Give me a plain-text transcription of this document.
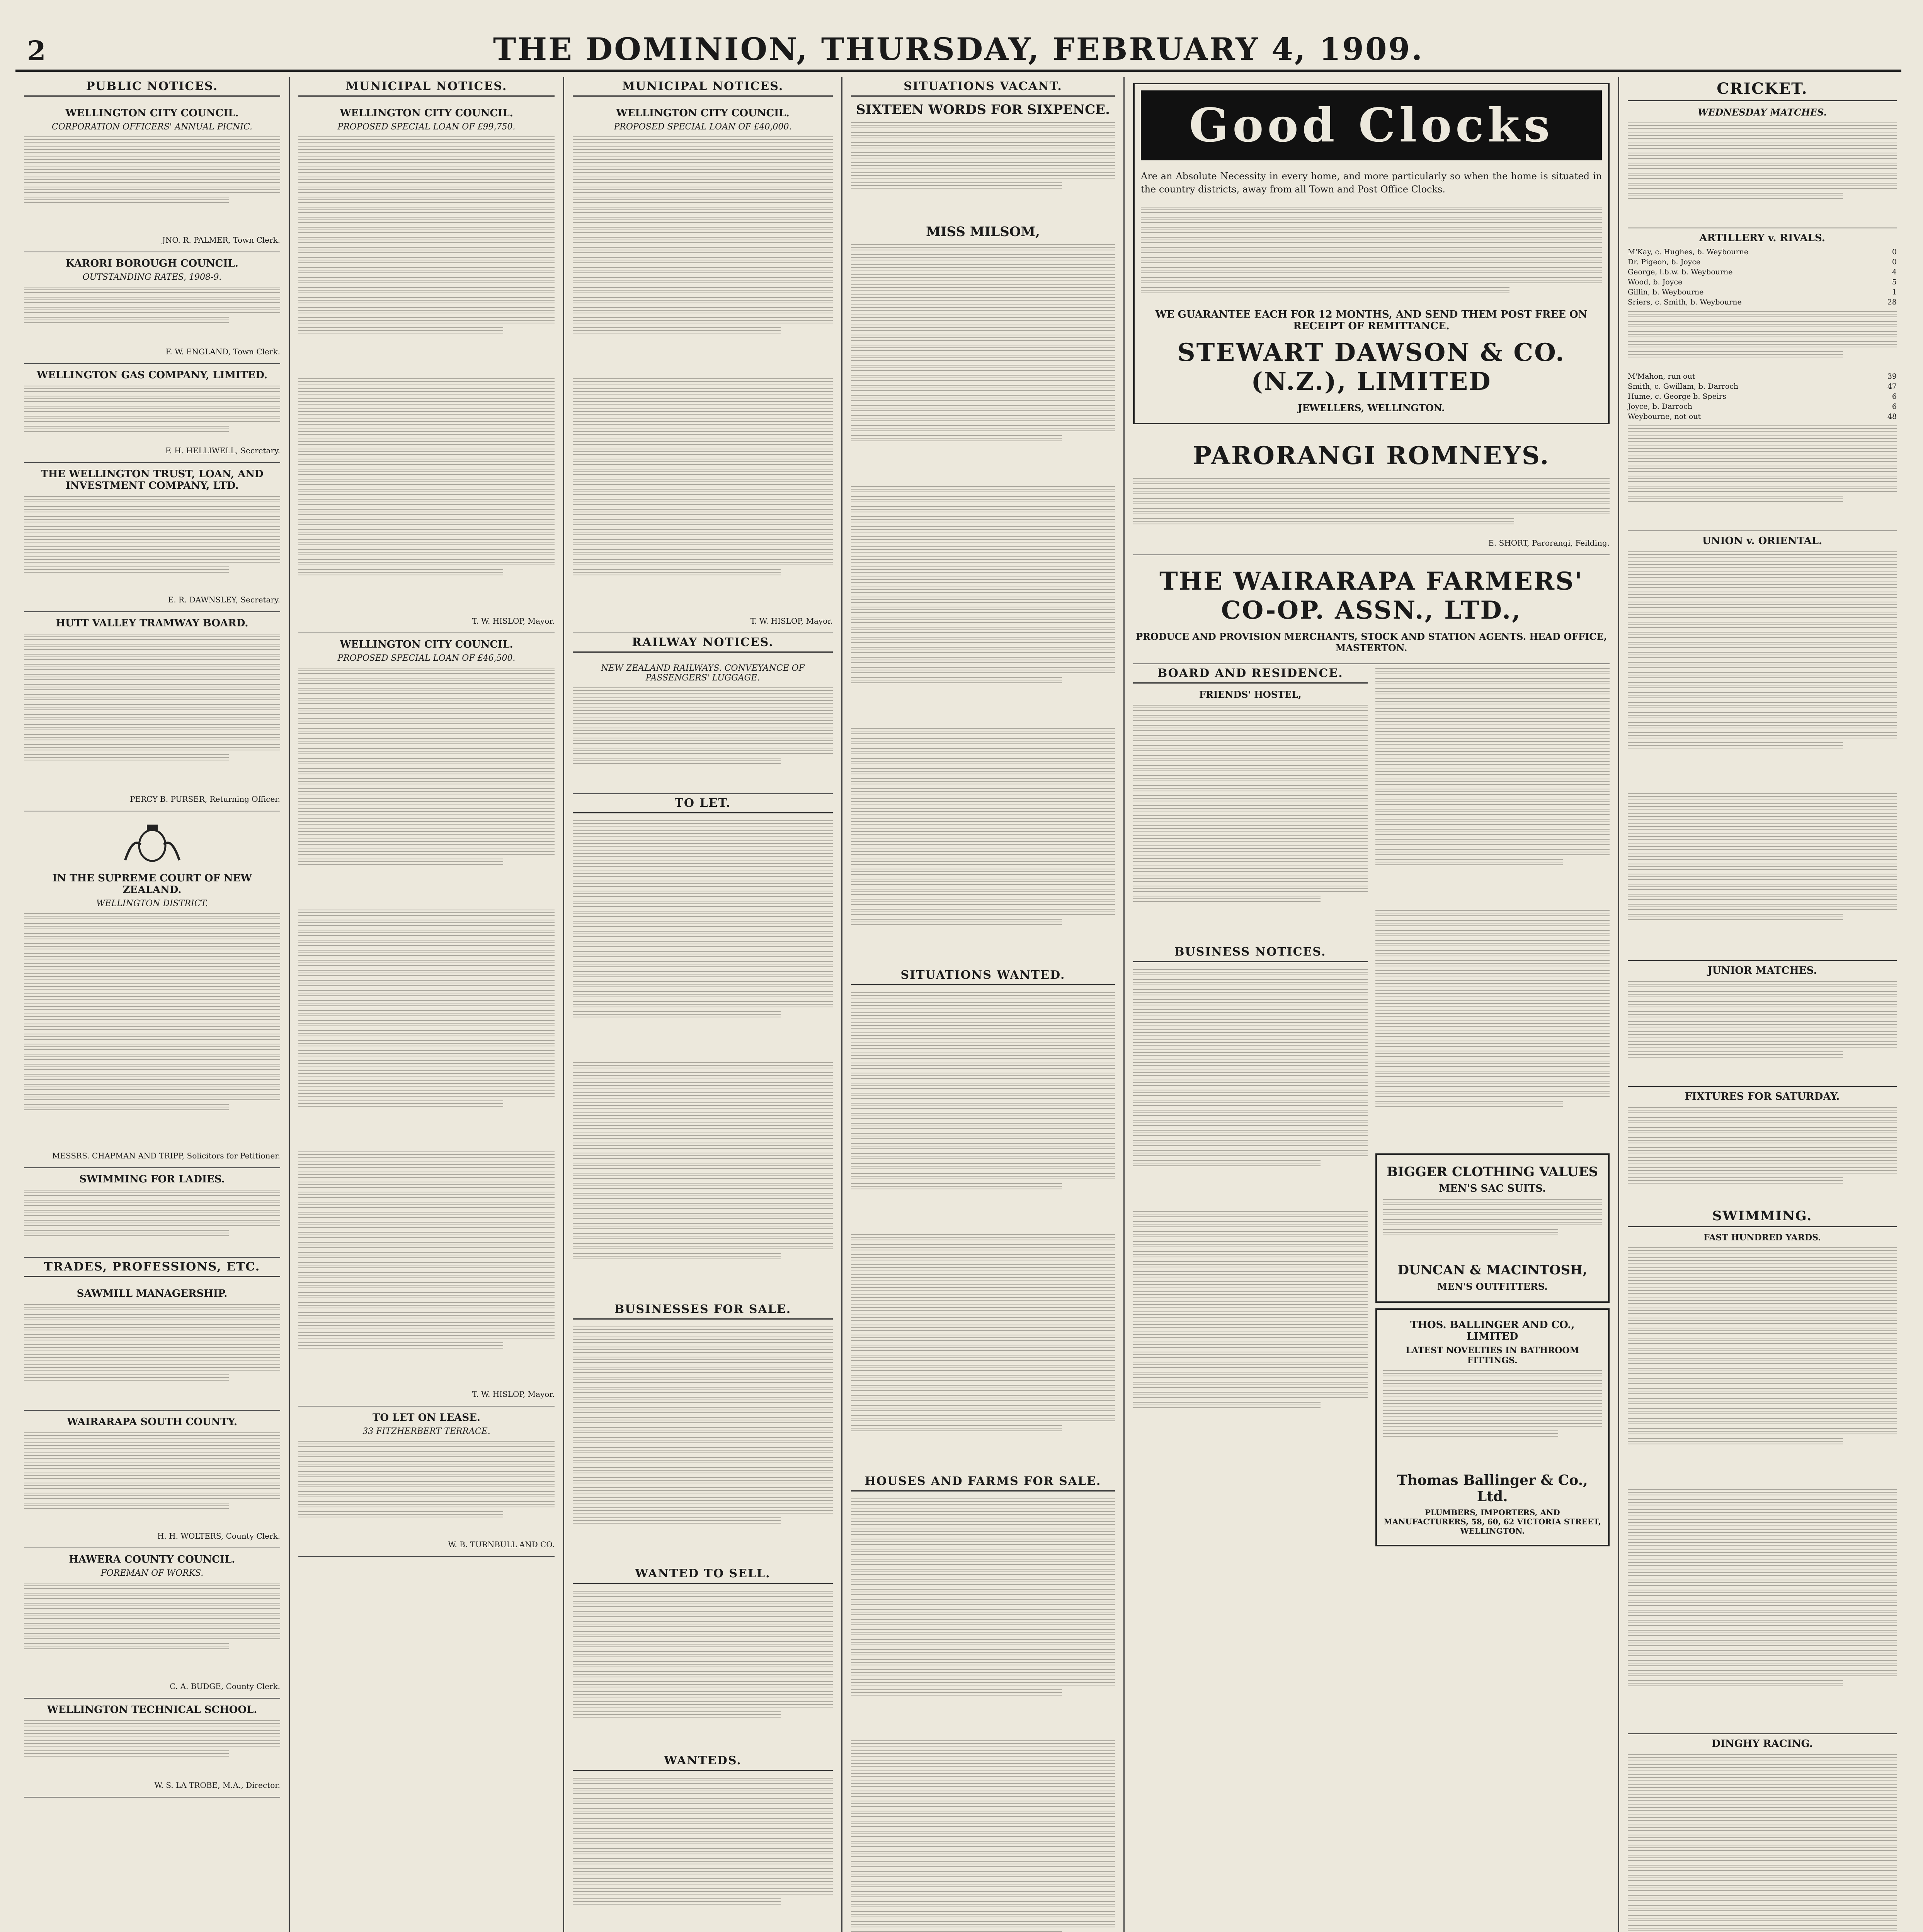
2	THE DOMINION, THURSDAY, FEBRUARY 4, 1909.
PUBLIC NOTICES.
WELLINGTON CITY COUNCIL.
CORPORATION OFFICERS' ANNUAL PICNIC.
JNO. R. PALMER, Town Clerk.
KARORI BOROUGH COUNCIL.
OUTSTANDING RATES, 1908-9.
F. W. ENGLAND, Town Clerk.
WELLINGTON GAS COMPANY, LIMITED.
F. H. HELLIWELL, Secretary.
THE WELLINGTON TRUST, LOAN, AND INVESTMENT COMPANY, LTD.
E. R. DAWNSLEY, Secretary.
HUTT VALLEY TRAMWAY BOARD.
PERCY B. PURSER, Returning Officer.
IN THE SUPREME COURT OF NEW ZEALAND.
WELLINGTON DISTRICT.
MESSRS. CHAPMAN AND TRIPP, Solicitors for Petitioner.
SWIMMING FOR LADIES.
TRADES, PROFESSIONS, ETC.
SAWMILL MANAGERSHIP.
WAIRARAPA SOUTH COUNTY.
H. H. WOLTERS, County Clerk.
HAWERA COUNTY COUNCIL.
FOREMAN OF WORKS.
C. A. BUDGE, County Clerk.
WELLINGTON TECHNICAL SCHOOL.
W. S. LA TROBE, M.A., Director.
MUNICIPAL NOTICES.
WELLINGTON CITY COUNCIL.
PROPOSED SPECIAL LOAN OF £99,750.
T. W. HISLOP, Mayor.
WELLINGTON CITY COUNCIL.
PROPOSED SPECIAL LOAN OF £46,500.
T. W. HISLOP, Mayor.
TO LET ON LEASE.
33 FITZHERBERT TERRACE.
W. B. TURNBULL AND CO.
MUNICIPAL NOTICES.
WELLINGTON CITY COUNCIL.
PROPOSED SPECIAL LOAN OF £40,000.
T. W. HISLOP, Mayor.
RAILWAY NOTICES.
NEW ZEALAND RAILWAYS. CONVEYANCE OF PASSENGERS' LUGGAGE.
TO LET.
BUSINESSES FOR SALE.
WANTED TO SELL.
WANTEDS.
SITUATIONS VACANT.
SIXTEEN WORDS FOR SIXPENCE.
MISS MILSOM,
SITUATIONS WANTED.
HOUSES AND FARMS FOR SALE.
Good Clocks

Are an Absolute Necessity in every home, and more particularly so when the home is situated in the country districts, away from all Town and Post Office Clocks.

WE GUARANTEE EACH FOR 12 MONTHS, AND SEND THEM POST FREE ON RECEIPT OF REMITTANCE.
STEWART DAWSON & CO. (N.Z.), LIMITED
JEWELLERS, WELLINGTON.
PARORANGI ROMNEYS.
E. SHORT, Parorangi, Feilding.
THE WAIRARAPA FARMERS' CO-OP. ASSN., LTD.,
PRODUCE AND PROVISION MERCHANTS, STOCK AND STATION AGENTS. HEAD OFFICE, MASTERTON.
BOARD AND RESIDENCE.
FRIENDS' HOSTEL,
BUSINESS NOTICES.
BIGGER CLOTHING VALUES
MEN'S SAC SUITS.
DUNCAN & MACINTOSH,
MEN'S OUTFITTERS.
THOS. BALLINGER AND CO., LIMITED
LATEST NOVELTIES IN BATHROOM FITTINGS.
Thomas Ballinger & Co., Ltd.
PLUMBERS, IMPORTERS, AND MANUFACTURERS, 58, 60, 62 VICTORIA STREET, WELLINGTON.
CRICKET.
WEDNESDAY MATCHES.
ARTILLERY v. RIVALS.
M'Kay, c. Hughes, b. Weybourne	0
Dr. Pigeon, b. Joyce	0
George, l.b.w. b. Weybourne	4
Wood, b. Joyce	5
Gillin, b. Weybourne	1
Sriers, c. Smith, b. Weybourne	28
M'Mahon, run out	39
Smith, c. Gwillam, b. Darroch	47
Hume, c. George b. Speirs	6
Joyce, b. Darroch	6
Weybourne, not out	48
UNION v. ORIENTAL.
JUNIOR MATCHES.
FIXTURES FOR SATURDAY.
SWIMMING.
FAST HUNDRED YARDS.
DINGHY RACING.
